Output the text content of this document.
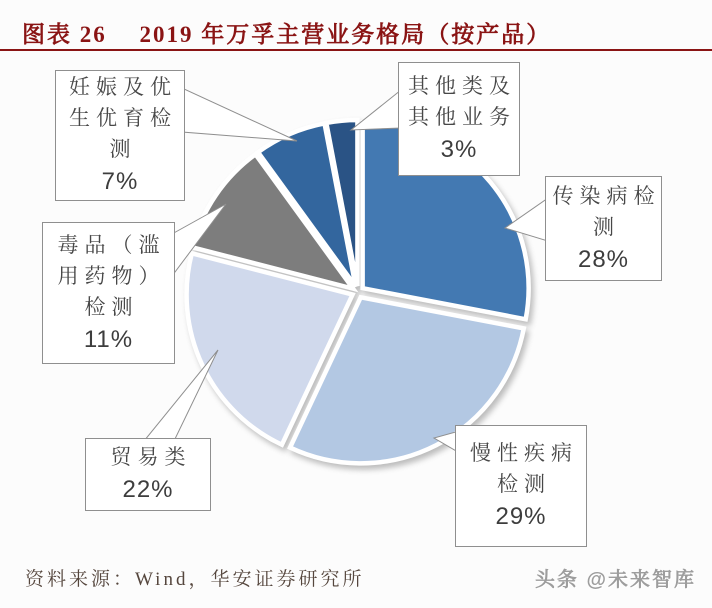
图表 26　 2019 年万孚主营业务格局（按产品）
传染病检测
28%
慢性疾病检测
29%
贸易类
22%
毒品（滥用药物）检测
11%
妊娠及优生优育检测
7%
其他类及其他业务
3%
资料来源：Wind，华安证券研究所	头条 @未来智库
